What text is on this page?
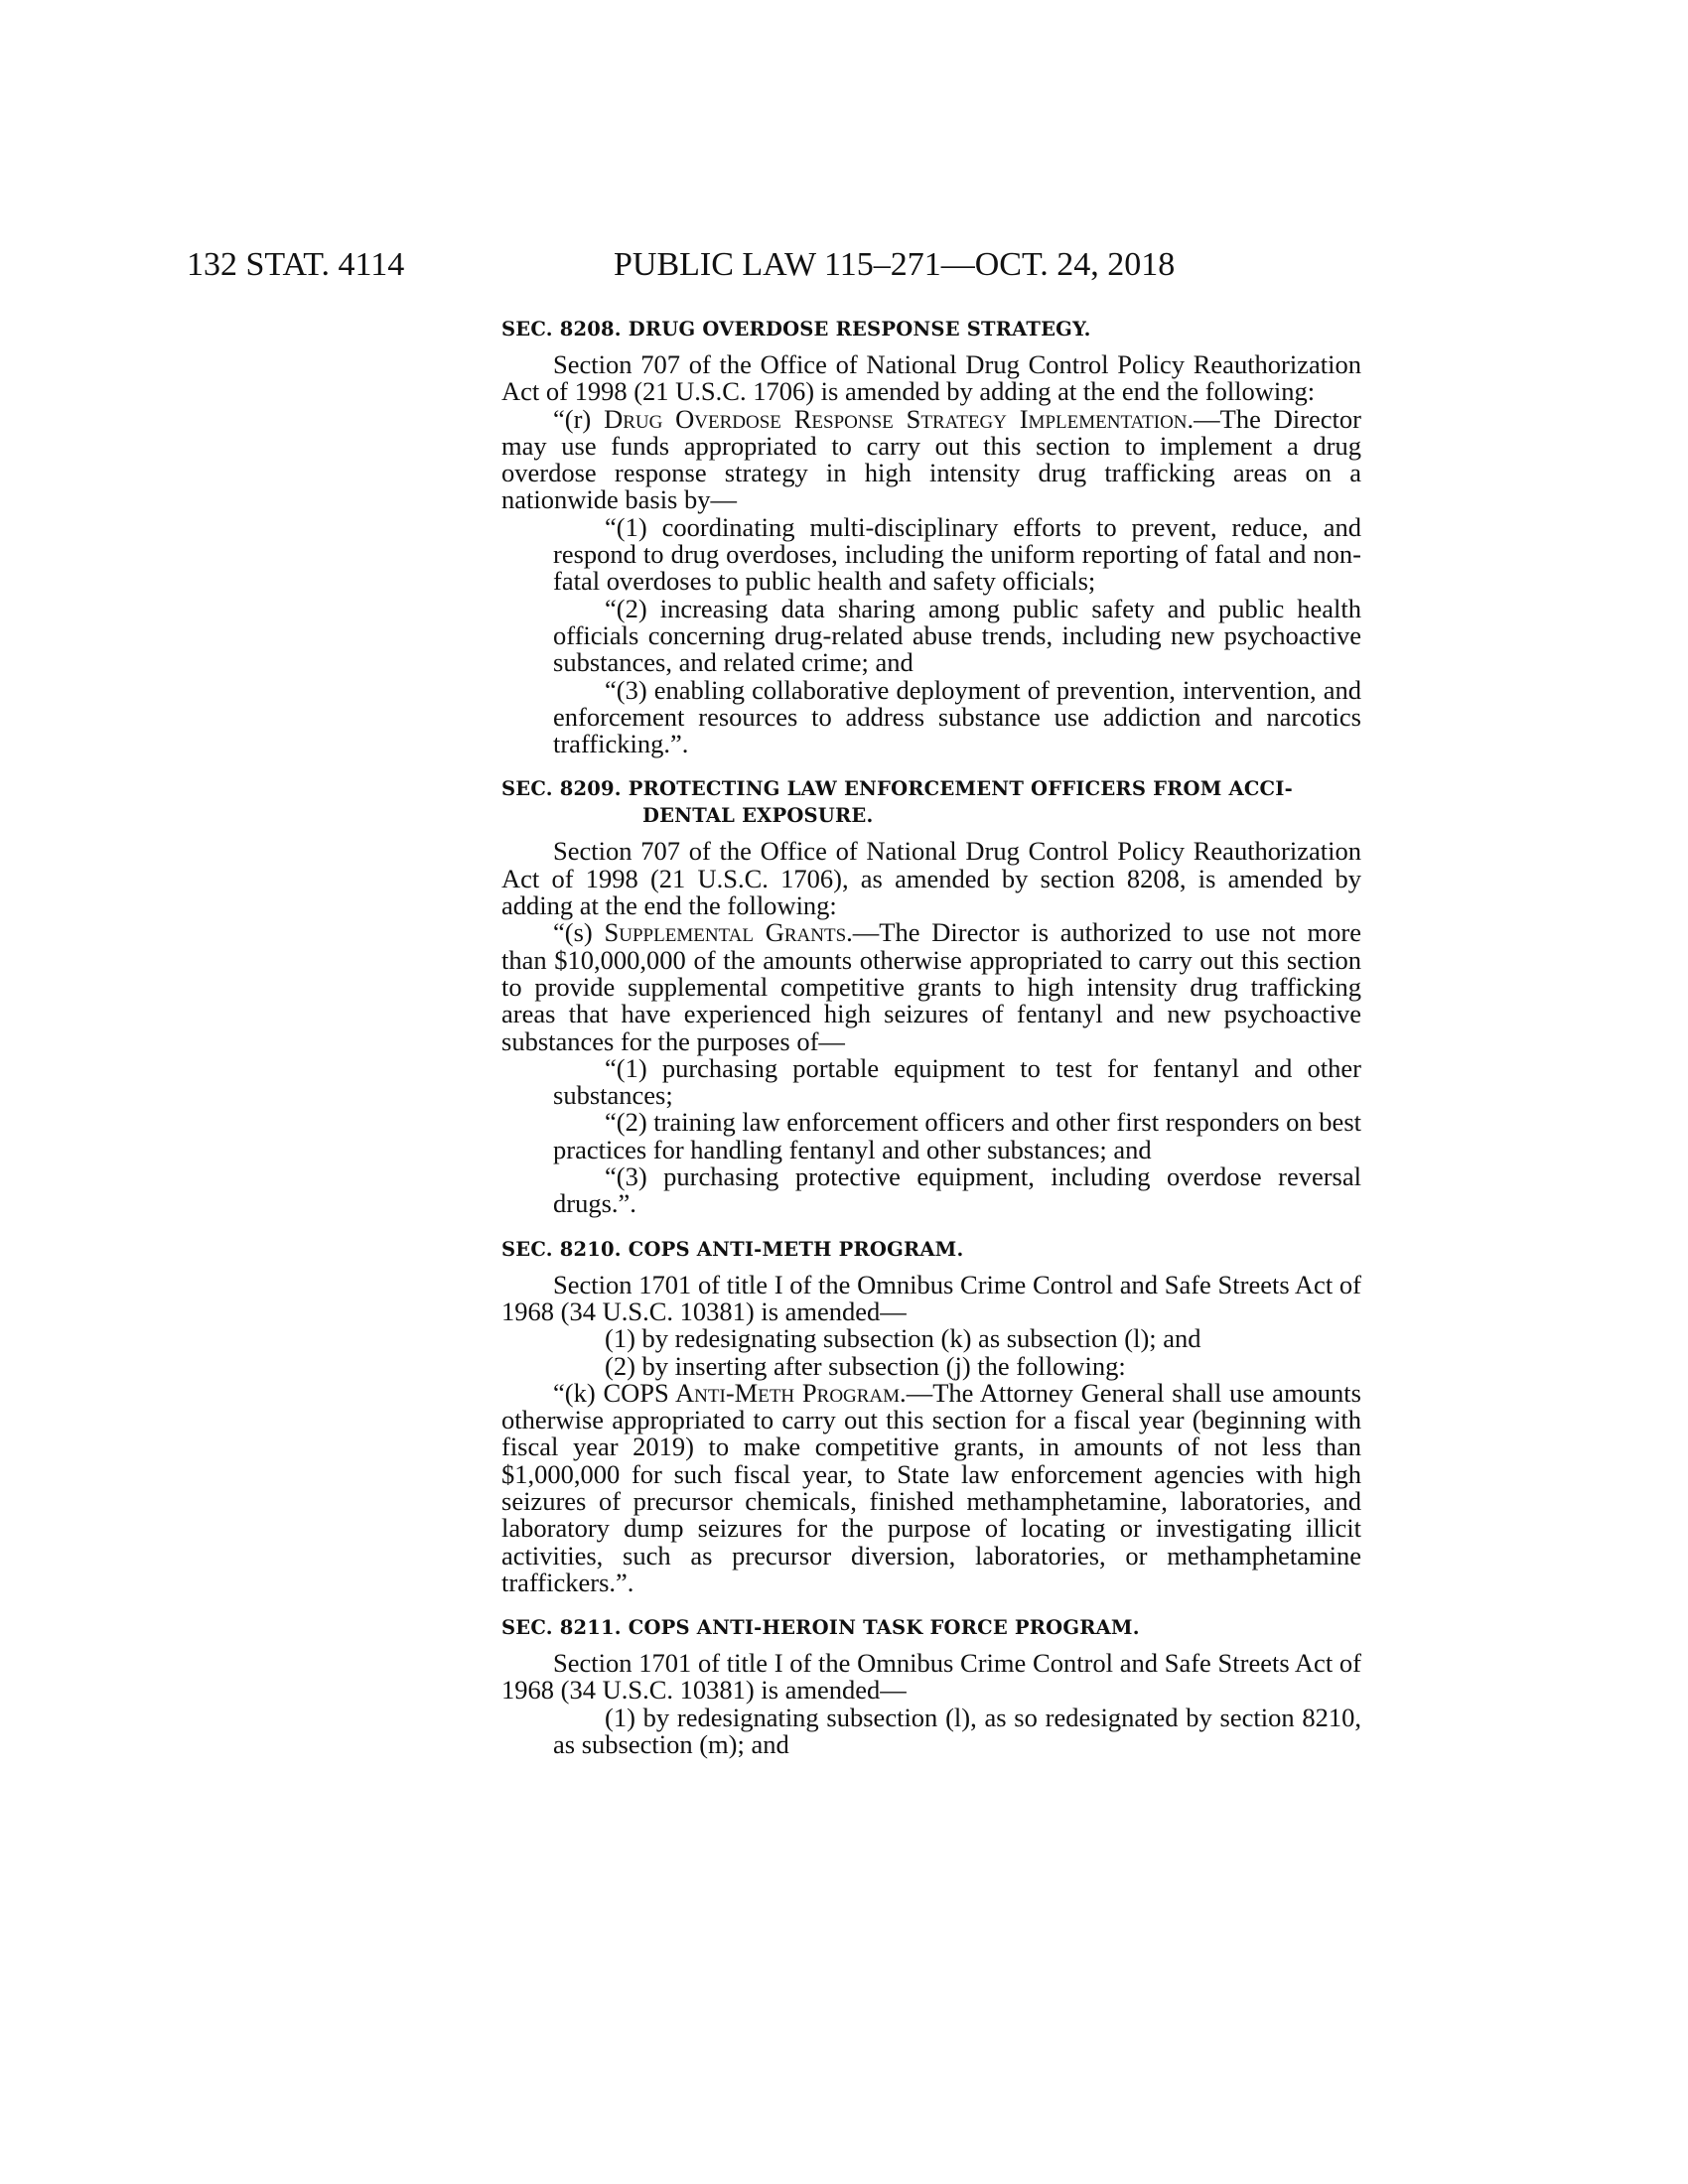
132 STAT. 4114	PUBLIC LAW 115–271—OCT. 24, 2018
SEC. 8208. DRUG OVERDOSE RESPONSE STRATEGY.

Section 707 of the Office of National Drug Control Policy Reauthorization Act of 1998 (21 U.S.C. 1706) is amended by adding at the end the following:

“(r) Drug Overdose Response Strategy Implementation.—The Director may use funds appropriated to carry out this section to implement a drug overdose response strategy in high intensity drug trafficking areas on a nationwide basis by—

“(1) coordinating multi-disciplinary efforts to prevent, reduce, and respond to drug overdoses, including the uniform reporting of fatal and non-fatal overdoses to public health and safety officials;

“(2) increasing data sharing among public safety and public health officials concerning drug-related abuse trends, including new psychoactive substances, and related crime; and

“(3) enabling collaborative deployment of prevention, intervention, and enforcement resources to address substance use addiction and narcotics trafficking.”.

SEC. 8209. PROTECTING LAW ENFORCEMENT OFFICERS FROM ACCI-
DENTAL EXPOSURE.

Section 707 of the Office of National Drug Control Policy Reauthorization Act of 1998 (21 U.S.C. 1706), as amended by section 8208, is amended by adding at the end the following:

“(s) Supplemental Grants.—The Director is authorized to use not more than $10,000,000 of the amounts otherwise appropriated to carry out this section to provide supplemental competitive grants to high intensity drug trafficking areas that have experienced high seizures of fentanyl and new psychoactive substances for the purposes of—

“(1) purchasing portable equipment to test for fentanyl and other substances;

“(2) training law enforcement officers and other first responders on best practices for handling fentanyl and other substances; and

“(3) purchasing protective equipment, including overdose reversal drugs.”.

SEC. 8210. COPS ANTI-METH PROGRAM.

Section 1701 of title I of the Omnibus Crime Control and Safe Streets Act of 1968 (34 U.S.C. 10381) is amended—

(1) by redesignating subsection (k) as subsection (l); and

(2) by inserting after subsection (j) the following:

“(k) COPS Anti-Meth Program.—The Attorney General shall use amounts otherwise appropriated to carry out this section for a fiscal year (beginning with fiscal year 2019) to make competitive grants, in amounts of not less than $1,000,000 for such fiscal year, to State law enforcement agencies with high seizures of precursor chemicals, finished methamphetamine, laboratories, and laboratory dump seizures for the purpose of locating or investigating illicit activities, such as precursor diversion, laboratories, or methamphetamine traffickers.”.

SEC. 8211. COPS ANTI-HEROIN TASK FORCE PROGRAM.

Section 1701 of title I of the Omnibus Crime Control and Safe Streets Act of 1968 (34 U.S.C. 10381) is amended—

(1) by redesignating subsection (l), as so redesignated by section 8210, as subsection (m); and
